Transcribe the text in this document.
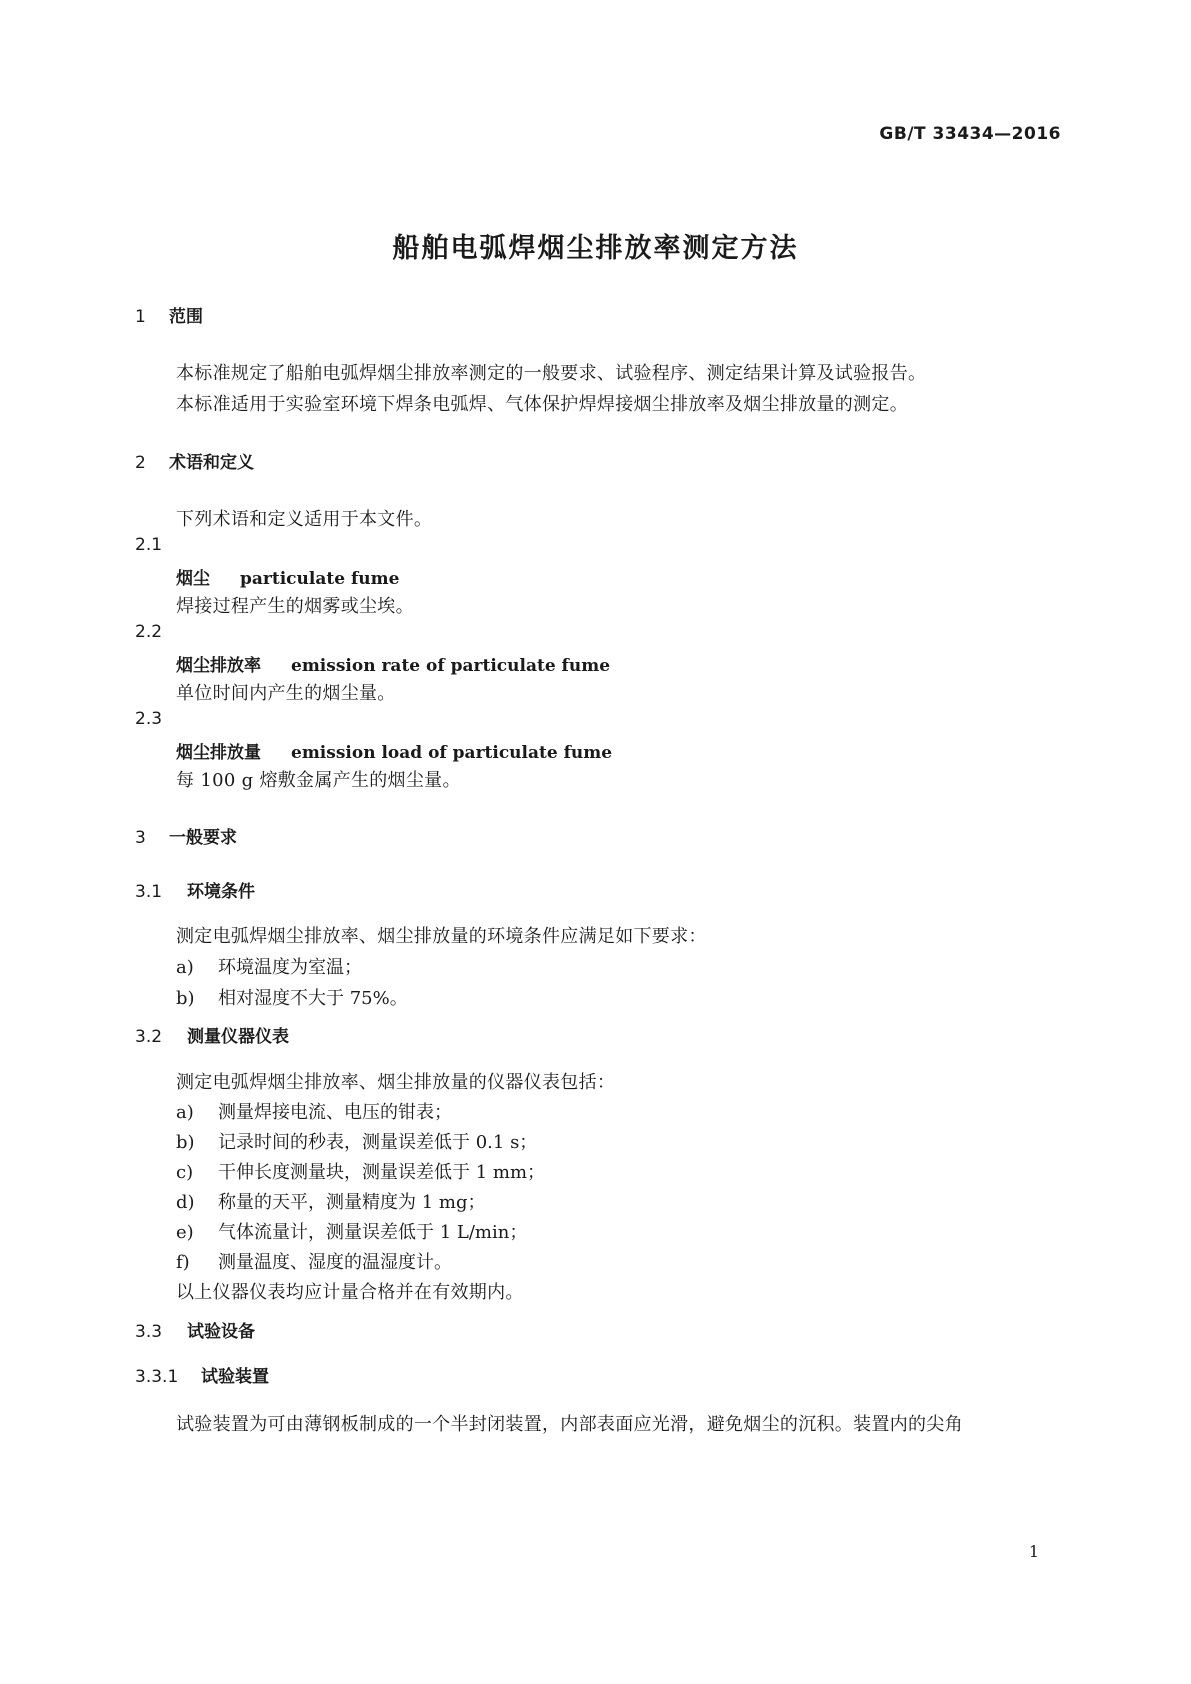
GB/T 33434—2016
船舶电弧焊烟尘排放率测定方法
1 范围
本标准规定了船舶电弧焊烟尘排放率测定的一般要求、试验程序、测定结果计算及试验报告。
本标准适用于实验室环境下焊条电弧焊、气体保护焊焊接烟尘排放率及烟尘排放量的测定。
2 术语和定义
下列术语和定义适用于本文件。
2.1
烟尘 particulate fume
焊接过程产生的烟雾或尘埃。
2.2
烟尘排放率 emission rate of particulate fume
单位时间内产生的烟尘量。
2.3
烟尘排放量 emission load of particulate fume
每 100 g 熔敷金属产生的烟尘量。
3 一般要求
3.1 环境条件
测定电弧焊烟尘排放率、烟尘排放量的环境条件应满足如下要求：
a) 环境温度为室温；
b) 相对湿度不大于 75%。
3.2 测量仪器仪表
测定电弧焊烟尘排放率、烟尘排放量的仪器仪表包括：
a) 测量焊接电流、电压的钳表；
b) 记录时间的秒表，测量误差低于 0.1 s；
c) 干伸长度测量块，测量误差低于 1 mm；
d) 称量的天平，测量精度为 1 mg；
e) 气体流量计，测量误差低于 1 L/min；
f) 测量温度、湿度的温湿度计。
以上仪器仪表均应计量合格并在有效期内。
3.3 试验设备
3.3.1 试验装置
试验装置为可由薄钢板制成的一个半封闭装置，内部表面应光滑，避免烟尘的沉积。装置内的尖角
1
